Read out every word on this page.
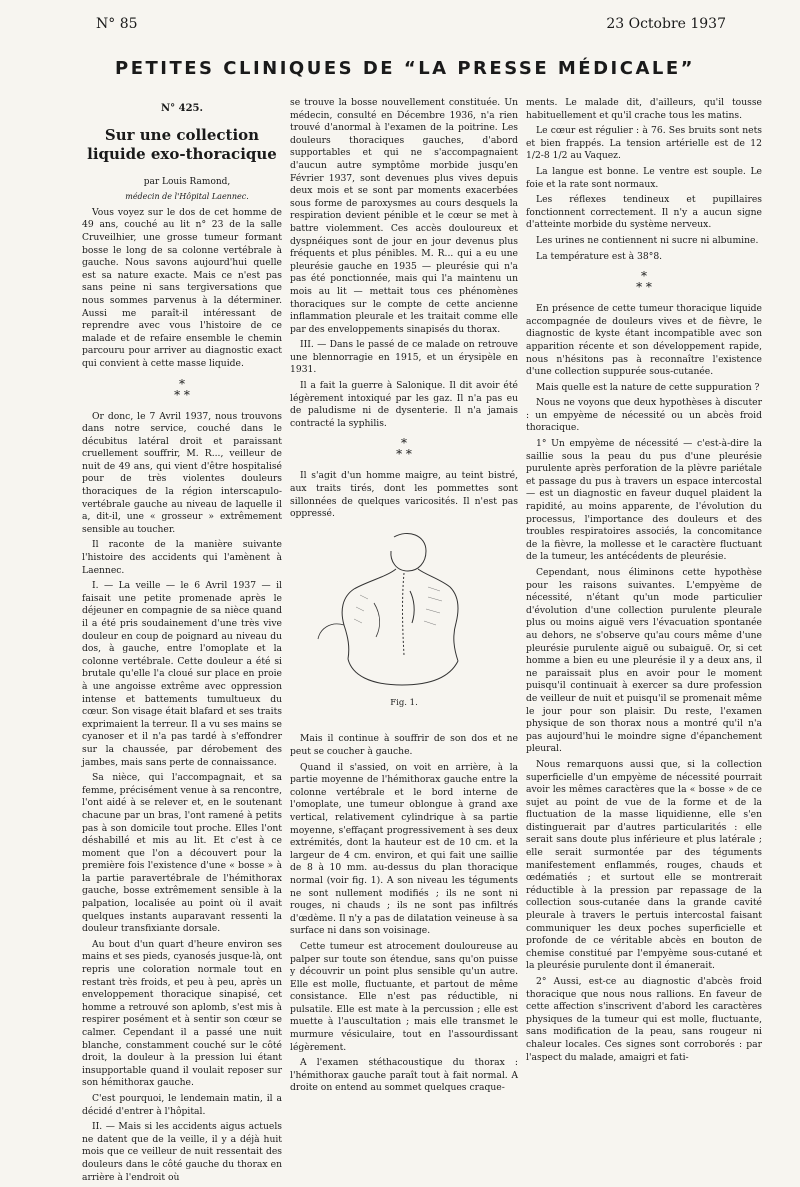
N° 85	23 Octobre 1937
PETITES CLINIQUES DE “LA PRESSE MÉDICALE”
N° 425.
Sur une collection liquide exo-thoracique

par Louis Ramond,

médecin de l'Hôpital Laennec.

Vous voyez sur le dos de cet homme de 49 ans, couché au lit n° 23 de la salle Cruveilhier, une grosse tumeur formant bosse le long de sa colonne vertébrale à gauche. Nous savons aujourd'hui quelle est sa nature exacte. Mais ce n'est pas sans peine ni sans tergiversations que nous sommes parvenus à la déterminer. Aussi me paraît-il intéressant de reprendre avec vous l'histoire de ce malade et de refaire ensemble le chemin parcouru pour arriver au diagnostic exact qui convient à cette masse liquide.

*
* *

Or donc, le 7 Avril 1937, nous trouvons dans notre service, couché dans le décubitus latéral droit et paraissant cruellement souffrir, M. R..., veilleur de nuit de 49 ans, qui vient d'être hospitalisé pour de très violentes douleurs thoraciques de la région interscapulo-vertébrale gauche au niveau de laquelle il a, dit-il, une « grosseur » extrêmement sensible au toucher.

Il raconte de la manière suivante l'histoire des accidents qui l'amènent à Laennec.

I. — La veille — le 6 Avril 1937 — il faisait une petite promenade après le déjeuner en compagnie de sa nièce quand il a été pris soudainement d'une très vive douleur en coup de poignard au niveau du dos, à gauche, entre l'omoplate et la colonne vertébrale. Cette douleur a été si brutale qu'elle l'a cloué sur place en proie à une angoisse extrême avec oppression intense et battements tumultueux du cœur. Son visage était blafard et ses traits exprimaient la terreur. Il a vu ses mains se cyanoser et il n'a pas tardé à s'effondrer sur la chaussée, par dérobement des jambes, mais sans perte de connaissance.

Sa nièce, qui l'accompagnait, et sa femme, précisément venue à sa rencontre, l'ont aidé à se relever et, en le soutenant chacune par un bras, l'ont ramené à petits pas à son domicile tout proche. Elles l'ont déshabillé et mis au lit. Et c'est à ce moment que l'on a découvert pour la première fois l'existence d'une « bosse » à la partie paravertébrale de l'hémithorax gauche, bosse extrêmement sensible à la palpation, localisée au point où il avait quelques instants auparavant ressenti la douleur transfixiante dorsale.

Au bout d'un quart d'heure environ ses mains et ses pieds, cyanosés jusque-là, ont repris une coloration normale tout en restant très froids, et peu à peu, après un enveloppement thoracique sinapisé, cet homme a retrouvé son aplomb, s'est mis à respirer posément et à sentir son cœur se calmer. Cependant il a passé une nuit blanche, constamment couché sur le côté droit, la douleur à la pression lui étant insupportable quand il voulait reposer sur son hémithorax gauche.

C'est pourquoi, le lendemain matin, il a décidé d'entrer à l'hôpital.

II. — Mais si les accidents aigus actuels ne datent que de la veille, il y a déjà huit mois que ce veilleur de nuit ressentait des douleurs dans le côté gauche du thorax en arrière à l'endroit où

se trouve la bosse nouvellement constituée. Un médecin, consulté en Décembre 1936, n'a rien trouvé d'anormal à l'examen de la poitrine. Les douleurs thoraciques gauches, d'abord supportables et qui ne s'accompagnaient d'aucun autre symptôme morbide jusqu'en Février 1937, sont devenues plus vives depuis deux mois et se sont par moments exacerbées sous forme de paroxysmes au cours desquels la respiration devient pénible et le cœur se met à battre violemment. Ces accès douloureux et dyspnéiques sont de jour en jour devenus plus fréquents et plus pénibles. M. R... qui a eu une pleurésie gauche en 1935 — pleurésie qui n'a pas été ponctionnée, mais qui l'a maintenu un mois au lit — mettait tous ces phénomènes thoraciques sur le compte de cette ancienne inflammation pleurale et les traitait comme elle par des enveloppements sinapisés du thorax.

III. — Dans le passé de ce malade on retrouve une blennorragie en 1915, et un érysipèle en 1931.

Il a fait la guerre à Salonique. Il dit avoir été légèrement intoxiqué par les gaz. Il n'a pas eu de paludisme ni de dysenterie. Il n'a jamais contracté la syphilis.

*
* *

Il s'agit d'un homme maigre, au teint bistré, aux traits tirés, dont les pommettes sont sillonnées de quelques varicosités. Il n'est pas oppressé.

Fig. 1.

Mais il continue à souffrir de son dos et ne peut se coucher à gauche.

Quand il s'assied, on voit en arrière, à la partie moyenne de l'hémithorax gauche entre la colonne vertébrale et le bord interne de l'omoplate, une tumeur oblongue à grand axe vertical, relativement cylindrique à sa partie moyenne, s'effaçant progressivement à ses deux extrémités, dont la hauteur est de 10 cm. et la largeur de 4 cm. environ, et qui fait une saillie de 8 à 10 mm. au-dessus du plan thoracique normal (voir fig. 1). A son niveau les téguments ne sont nullement modifiés ; ils ne sont ni rouges, ni chauds ; ils ne sont pas infiltrés d'œdème. Il n'y a pas de dilatation veineuse à sa surface ni dans son voisinage.

Cette tumeur est atrocement douloureuse au palper sur toute son étendue, sans qu'on puisse y découvrir un point plus sensible qu'un autre. Elle est molle, fluctuante, et partout de même consistance. Elle n'est pas réductible, ni pulsatile. Elle est mate à la percussion ; elle est muette à l'auscultation ; mais elle transmet le murmure vésiculaire, tout en l'assourdissant légèrement.

A l'examen stéthacoustique du thorax : l'hémithorax gauche paraît tout à fait normal. A droite on entend au sommet quelques craque-

ments. Le malade dit, d'ailleurs, qu'il tousse habituellement et qu'il crache tous les matins.

Le cœur est régulier : à 76. Ses bruits sont nets et bien frappés. La tension artérielle est de 12 1/2-8 1/2 au Vaquez.

La langue est bonne. Le ventre est souple. Le foie et la rate sont normaux.

Les réflexes tendineux et pupillaires fonctionnent correctement. Il n'y a aucun signe d'atteinte morbide du système nerveux.

Les urines ne contiennent ni sucre ni albumine.

La température est à 38°8.

*
* *

En présence de cette tumeur thoracique liquide accompagnée de douleurs vives et de fièvre, le diagnostic de kyste étant incompatible avec son apparition récente et son développement rapide, nous n'hésitons pas à reconnaître l'existence d'une collection suppurée sous-cutanée.

Mais quelle est la nature de cette suppuration ?

Nous ne voyons que deux hypothèses à discuter : un empyème de nécessité ou un abcès froid thoracique.

1° Un empyème de nécessité — c'est-à-dire la saillie sous la peau du pus d'une pleurésie purulente après perforation de la plèvre pariétale et passage du pus à travers un espace intercostal — est un diagnostic en faveur duquel plaident la rapidité, au moins apparente, de l'évolution du processus, l'importance des douleurs et des troubles respiratoires associés, la concomitance de la fièvre, la mollesse et le caractère fluctuant de la tumeur, les antécédents de pleurésie.

Cependant, nous éliminons cette hypothèse pour les raisons suivantes. L'empyème de nécessité, n'étant qu'un mode particulier d'évolution d'une collection purulente pleurale plus ou moins aiguë vers l'évacuation spontanée au dehors, ne s'observe qu'au cours même d'une pleurésie purulente aiguë ou subaiguë. Or, si cet homme a bien eu une pleurésie il y a deux ans, il ne paraissait plus en avoir pour le moment puisqu'il continuait à exercer sa dure profession de veilleur de nuit et puisqu'il se promenait même le jour pour son plaisir. Du reste, l'examen physique de son thorax nous a montré qu'il n'a pas aujourd'hui le moindre signe d'épanchement pleural.

Nous remarquons aussi que, si la collection superficielle d'un empyème de nécessité pourrait avoir les mêmes caractères que la « bosse » de ce sujet au point de vue de la forme et de la fluctuation de la masse liquidienne, elle s'en distinguerait par d'autres particularités : elle serait sans doute plus inférieure et plus latérale ; elle serait surmontée par des téguments manifestement enflammés, rouges, chauds et œdématiés ; et surtout elle se montrerait réductible à la pression par repassage de la collection sous-cutanée dans la grande cavité pleurale à travers le pertuis intercostal faisant communiquer les deux poches superficielle et profonde de ce véritable abcès en bouton de chemise constitué par l'empyème sous-cutané et la pleurésie purulente dont il émanerait.

2° Aussi, est-ce au diagnostic d'abcès froid thoracique que nous nous rallions. En faveur de cette affection s'inscrivent d'abord les caractères physiques de la tumeur qui est molle, fluctuante, sans modification de la peau, sans rougeur ni chaleur locales. Ces signes sont corroborés : par l'aspect du malade, amaigri et fati-
